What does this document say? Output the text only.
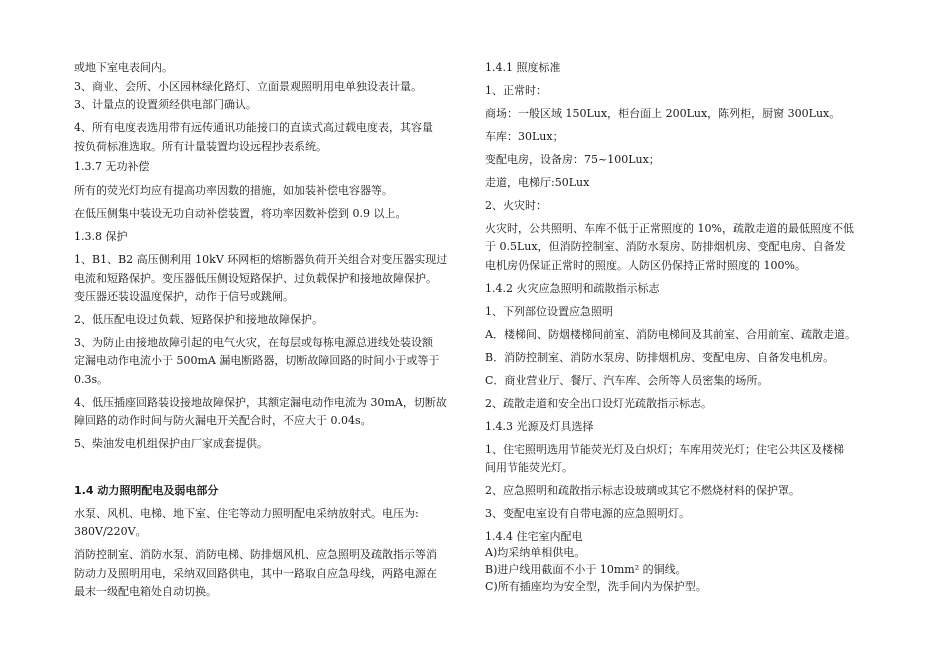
或地下室电表间内。

3、商业、会所、小区园林绿化路灯、立面景观照明用电单独设表计量。

3、计量点的设置须经供电部门确认。

4、所有电度表选用带有远传通讯功能接口的直读式高过载电度表，其容量

按负荷标准选取。所有计量装置均设远程抄表系统。

1.3.7 无功补偿

所有的荧光灯均应有提高功率因数的措施，如加装补偿电容器等。

在低压侧集中装设无功自动补偿装置，将功率因数补偿到 0.9 以上。

1.3.8 保护

1、B1、B2 高压侧利用 10kV 环网柜的熔断器负荷开关组合对变压器实现过

电流和短路保护。变压器低压侧设短路保护、过负载保护和接地故障保护。

变压器还装设温度保护，动作于信号或跳闸。

2、低压配电设过负载、短路保护和接地故障保护。

3、为防止由接地故障引起的电气火灾，在每层或每栋电源总进线处装设额

定漏电动作电流小于 500mA 漏电断路器，切断故障回路的时间小于或等于

0.3s。

4、低压插座回路装设接地故障保护，其额定漏电动作电流为 30mA，切断故

障回路的动作时间与防火漏电开关配合时，不应大于 0.04s。

5、柴油发电机组保护由厂家成套提供。

1.4 动力照明配电及弱电部分

水泵、风机、电梯、地下室、住宅等动力照明配电采纳放射式。电压为:

380V/220V。

消防控制室、消防水泵、消防电梯、防排烟风机、应急照明及疏散指示等消

防动力及照明用电，采纳双回路供电，其中一路取自应急母线，两路电源在

最末一级配电箱处自动切换。

1.4.1 照度标准

1、正常时：

商场：一般区域 150Lux，柜台面上 200Lux，陈列柜，厨窗 300Lux。

车库：30Lux；

变配电房，设备房：75~100Lux；

走道，电梯厅:50Lux

2、火灾时：

火灾时，公共照明、车库不低于正常照度的 10%，疏散走道的最低照度不低

于 0.5Lux，但消防控制室、消防水泵房、防排烟机房、变配电房、自备发

电机房仍保证正常时的照度。人防区仍保持正常时照度的 100%。

1.4.2 火灾应急照明和疏散指示标志

1、下列部位设置应急照明

A．楼梯间、防烟楼梯间前室、消防电梯间及其前室、合用前室、疏散走道。

B．消防控制室、消防水泵房、防排烟机房、变配电房、自备发电机房。

C．商业营业厅、餐厅、汽车库、会所等人员密集的场所。

2、疏散走道和安全出口设灯光疏散指示标志。

1.4.3 光源及灯具选择

1、住宅照明选用节能荧光灯及白炽灯；车库用荧光灯；住宅公共区及楼梯

间用节能荧光灯。

2、应急照明和疏散指示标志设玻璃或其它不燃烧材料的保护罩。

3、变配电室设有自带电源的应急照明灯。

1.4.4 住宅室内配电

A)均采纳单相供电。

B)进户线用截面不小于 10mm² 的铜线。

C)所有插座均为安全型，洗手间内为保护型。
